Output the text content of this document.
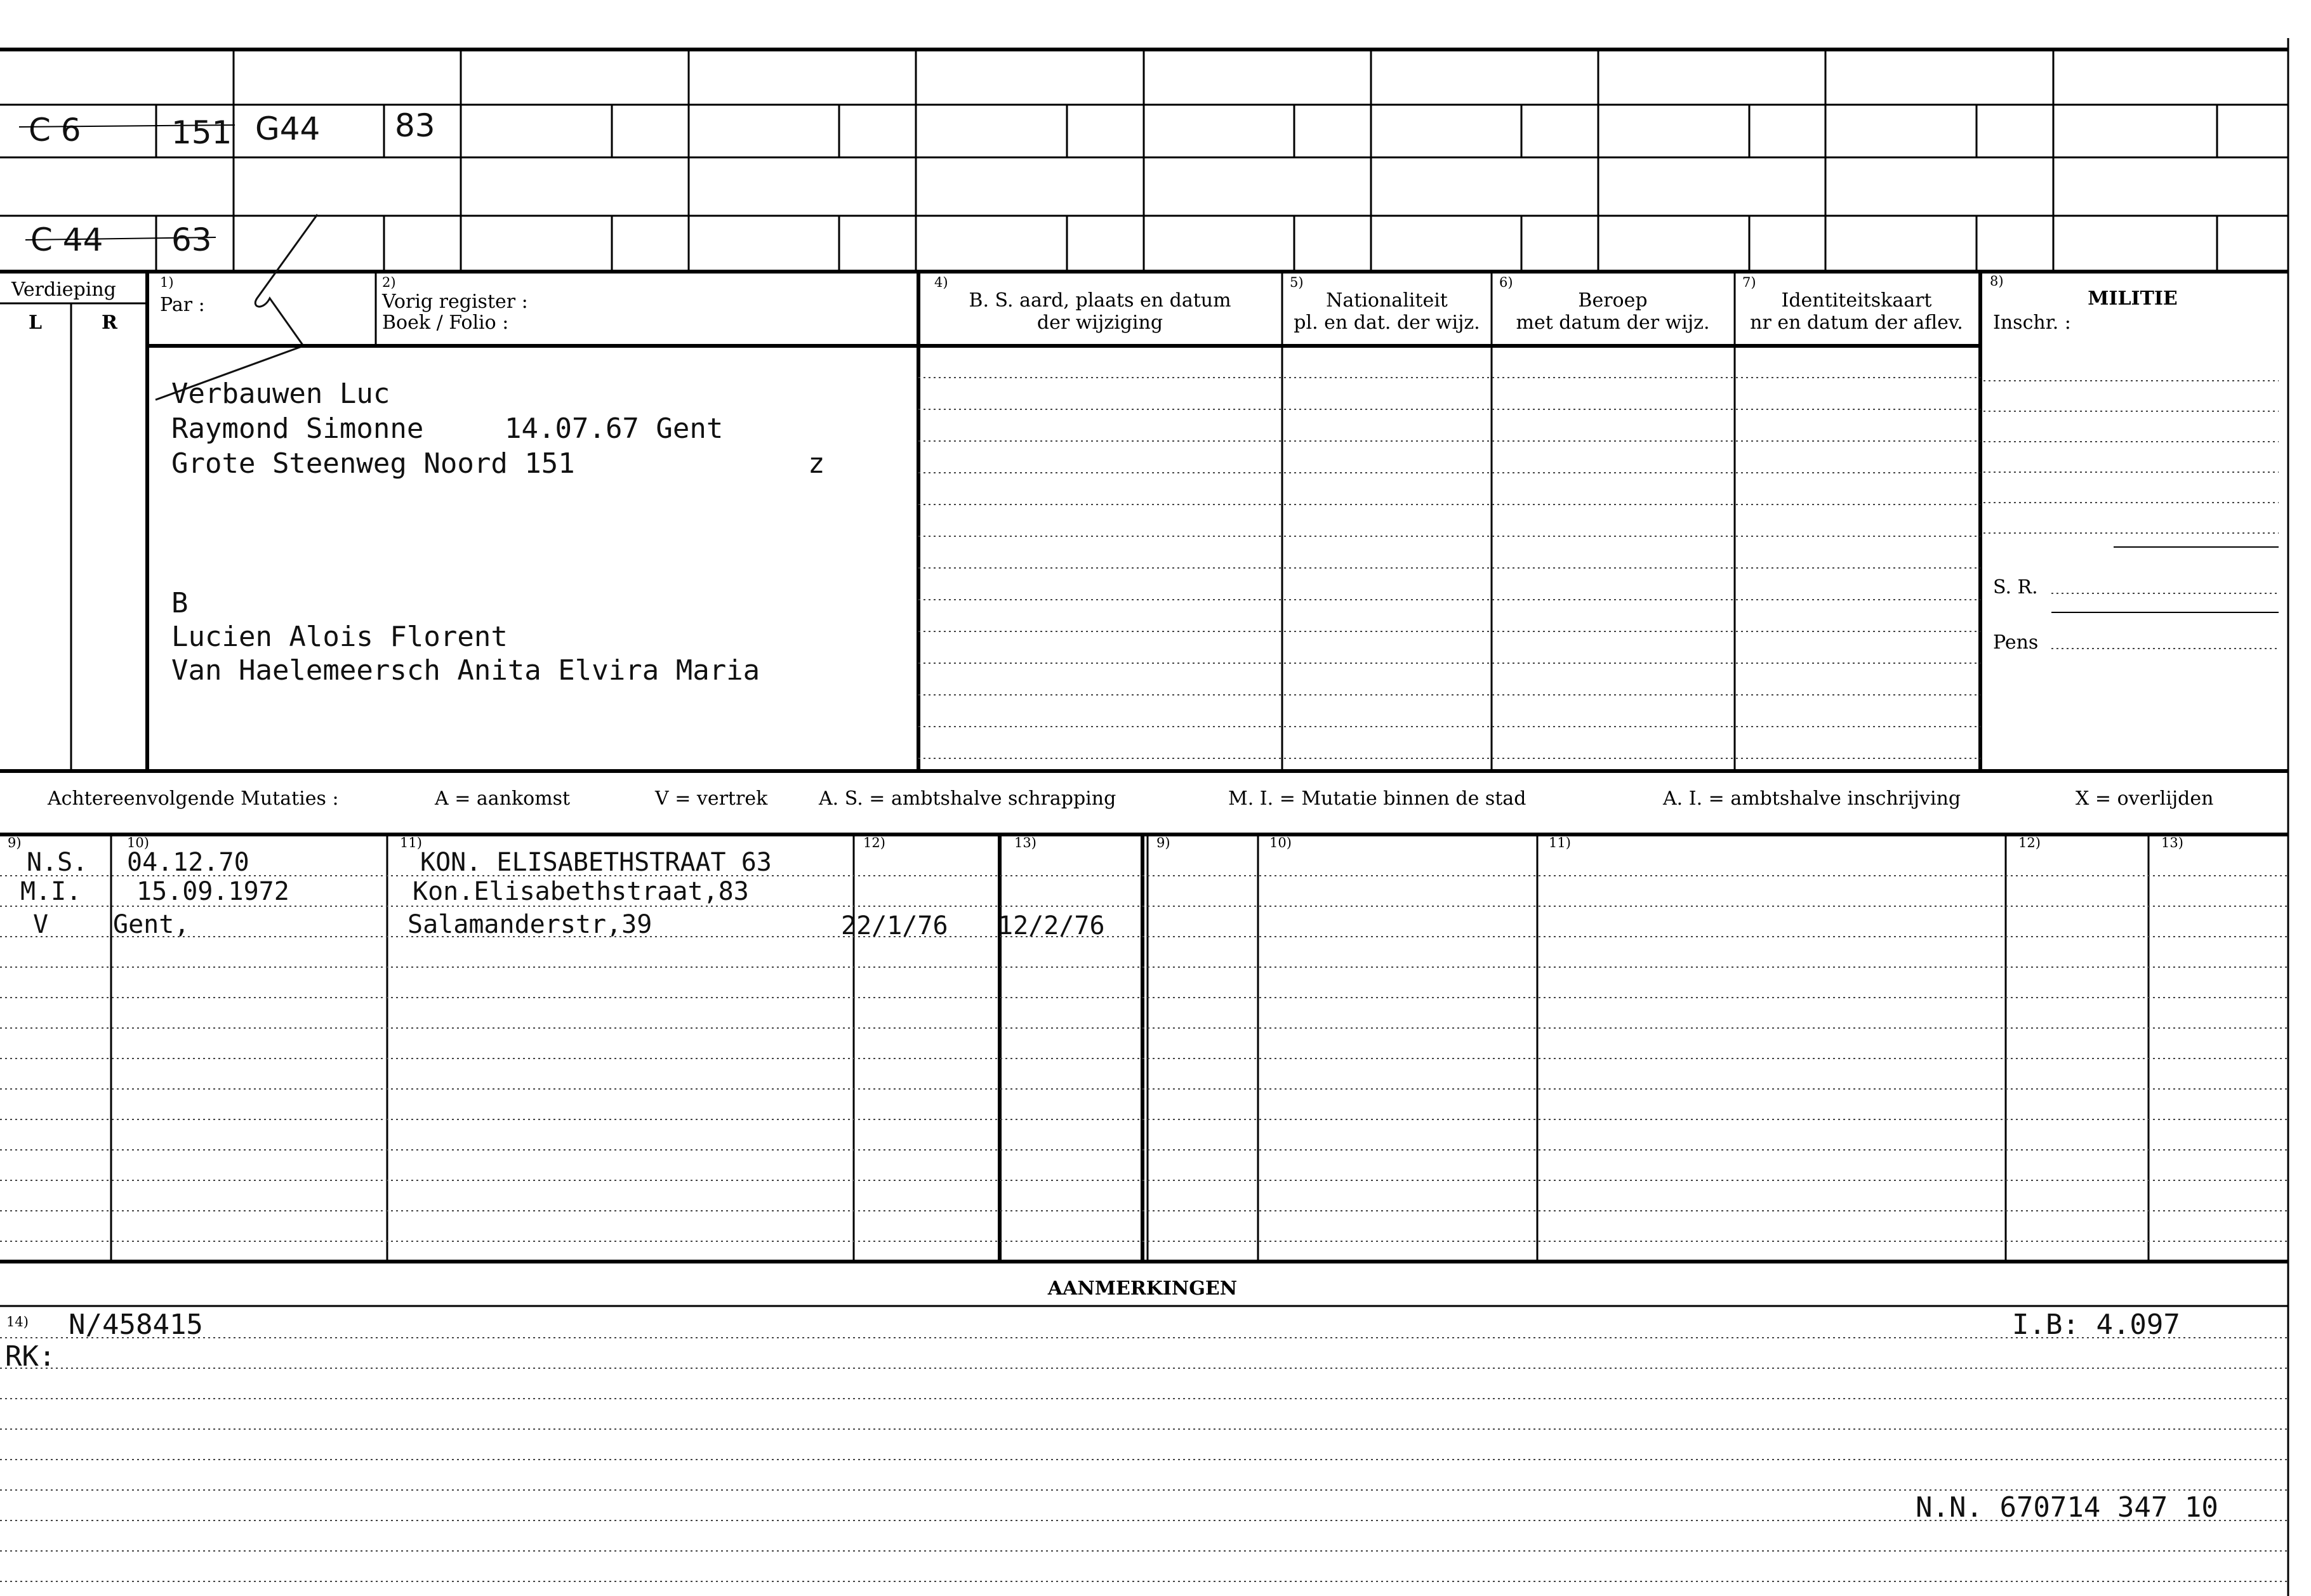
C 6	151 G44 83
C 44 63
Verdieping
L	R
1)
Par :
2)
Vorig register :
Boek / Folio :
4)
B. S. aard, plaats en datum
der wijziging
5)
Nationaliteit
pl. en dat. der wijz.
6)
Beroep
met datum der wijz.
7)
Identiteitskaart
nr en datum der aflev.
8)
MILITIE
Inschr. :
S. R.
Pens
Verbauwen Luc
Raymond Simonne	14.07.67 Gent
Grote Steenweg Noord 151	z
B
Lucien Alois Florent
Van Haelemeersch Anita Elvira Maria
Achtereenvolgende Mutaties :	A = aankomst	V = vertrek	A. S. = ambtshalve schrapping	M. I. = Mutatie binnen de stad	A. I. = ambtshalve inschrijving	X = overlijden
9)	10)	11)	12)	13)	9)	10)	11)	12)	13)
N.S. 04.12.70	KON. ELISABETHSTRAAT 63
M.I. 15.09.1972	Kon.Elisabethstraat,83
V	Gent,	Salamanderstr,39	22/1/76 12/2/76
AANMERKINGEN
14) N/458415	I.B: 4.097
RK:
N.N. 670714 347 10
